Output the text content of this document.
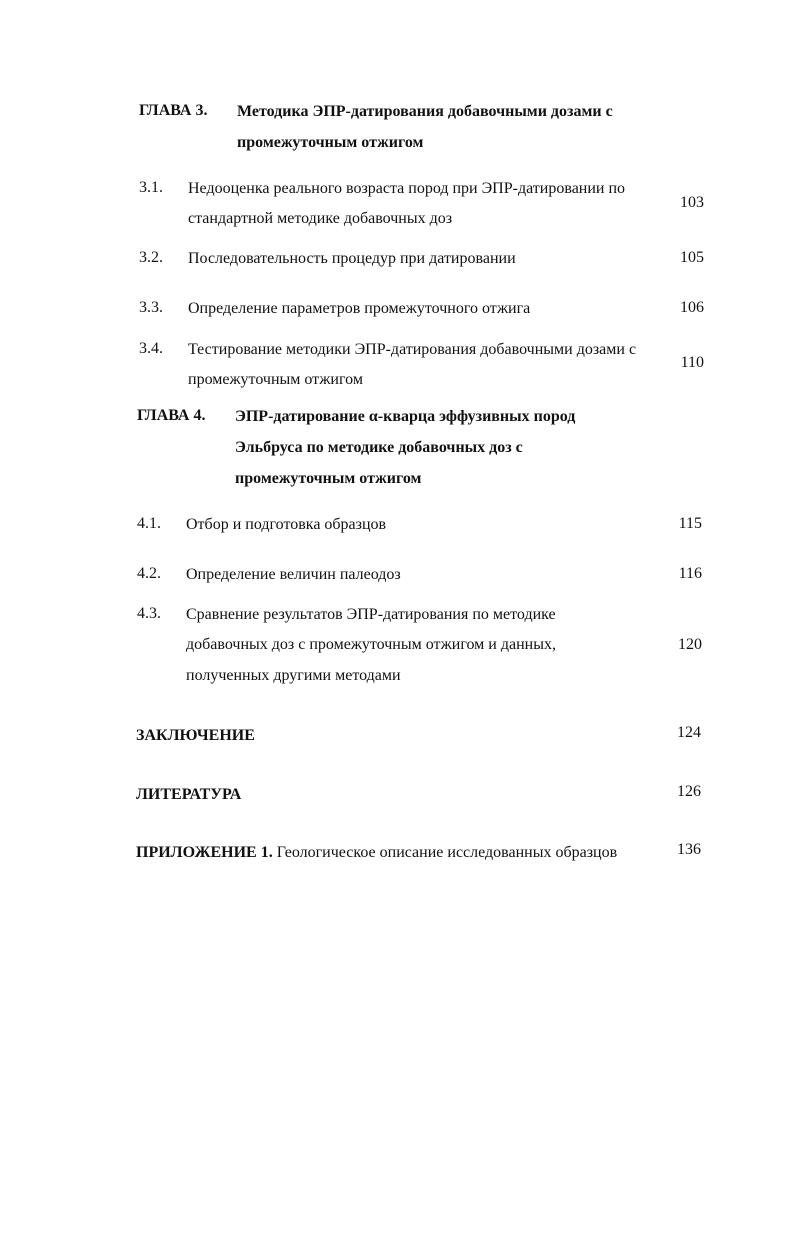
ГЛАВА 3. Методика ЭПР-датирования добавочными дозами с
промежуточным отжигом
3.1. Недооценка реального возраста пород при ЭПР-датировании по
стандартной методике добавочных доз
103
3.2. Последовательность процедур при датировании	105
3.3. Определение параметров промежуточного отжига	106
3.4. Тестирование методики ЭПР-датирования добавочными дозами с
промежуточным отжигом
110
ГЛАВА 4. ЭПР-датирование α-кварца эффузивных пород
Эльбруса по методике добавочных доз с
промежуточным отжигом
4.1. Отбор и подготовка образцов	115
4.2. Определение величин палеодоз	116
4.3. Сравнение результатов ЭПР-датирования по методике
добавочных доз с промежуточным отжигом и данных,
полученных другими методами
120
ЗАКЛЮЧЕНИЕ	124
ЛИТЕРАТУРА	126
ПРИЛОЖЕНИЕ 1. Геологическое описание исследованных образцов	136
